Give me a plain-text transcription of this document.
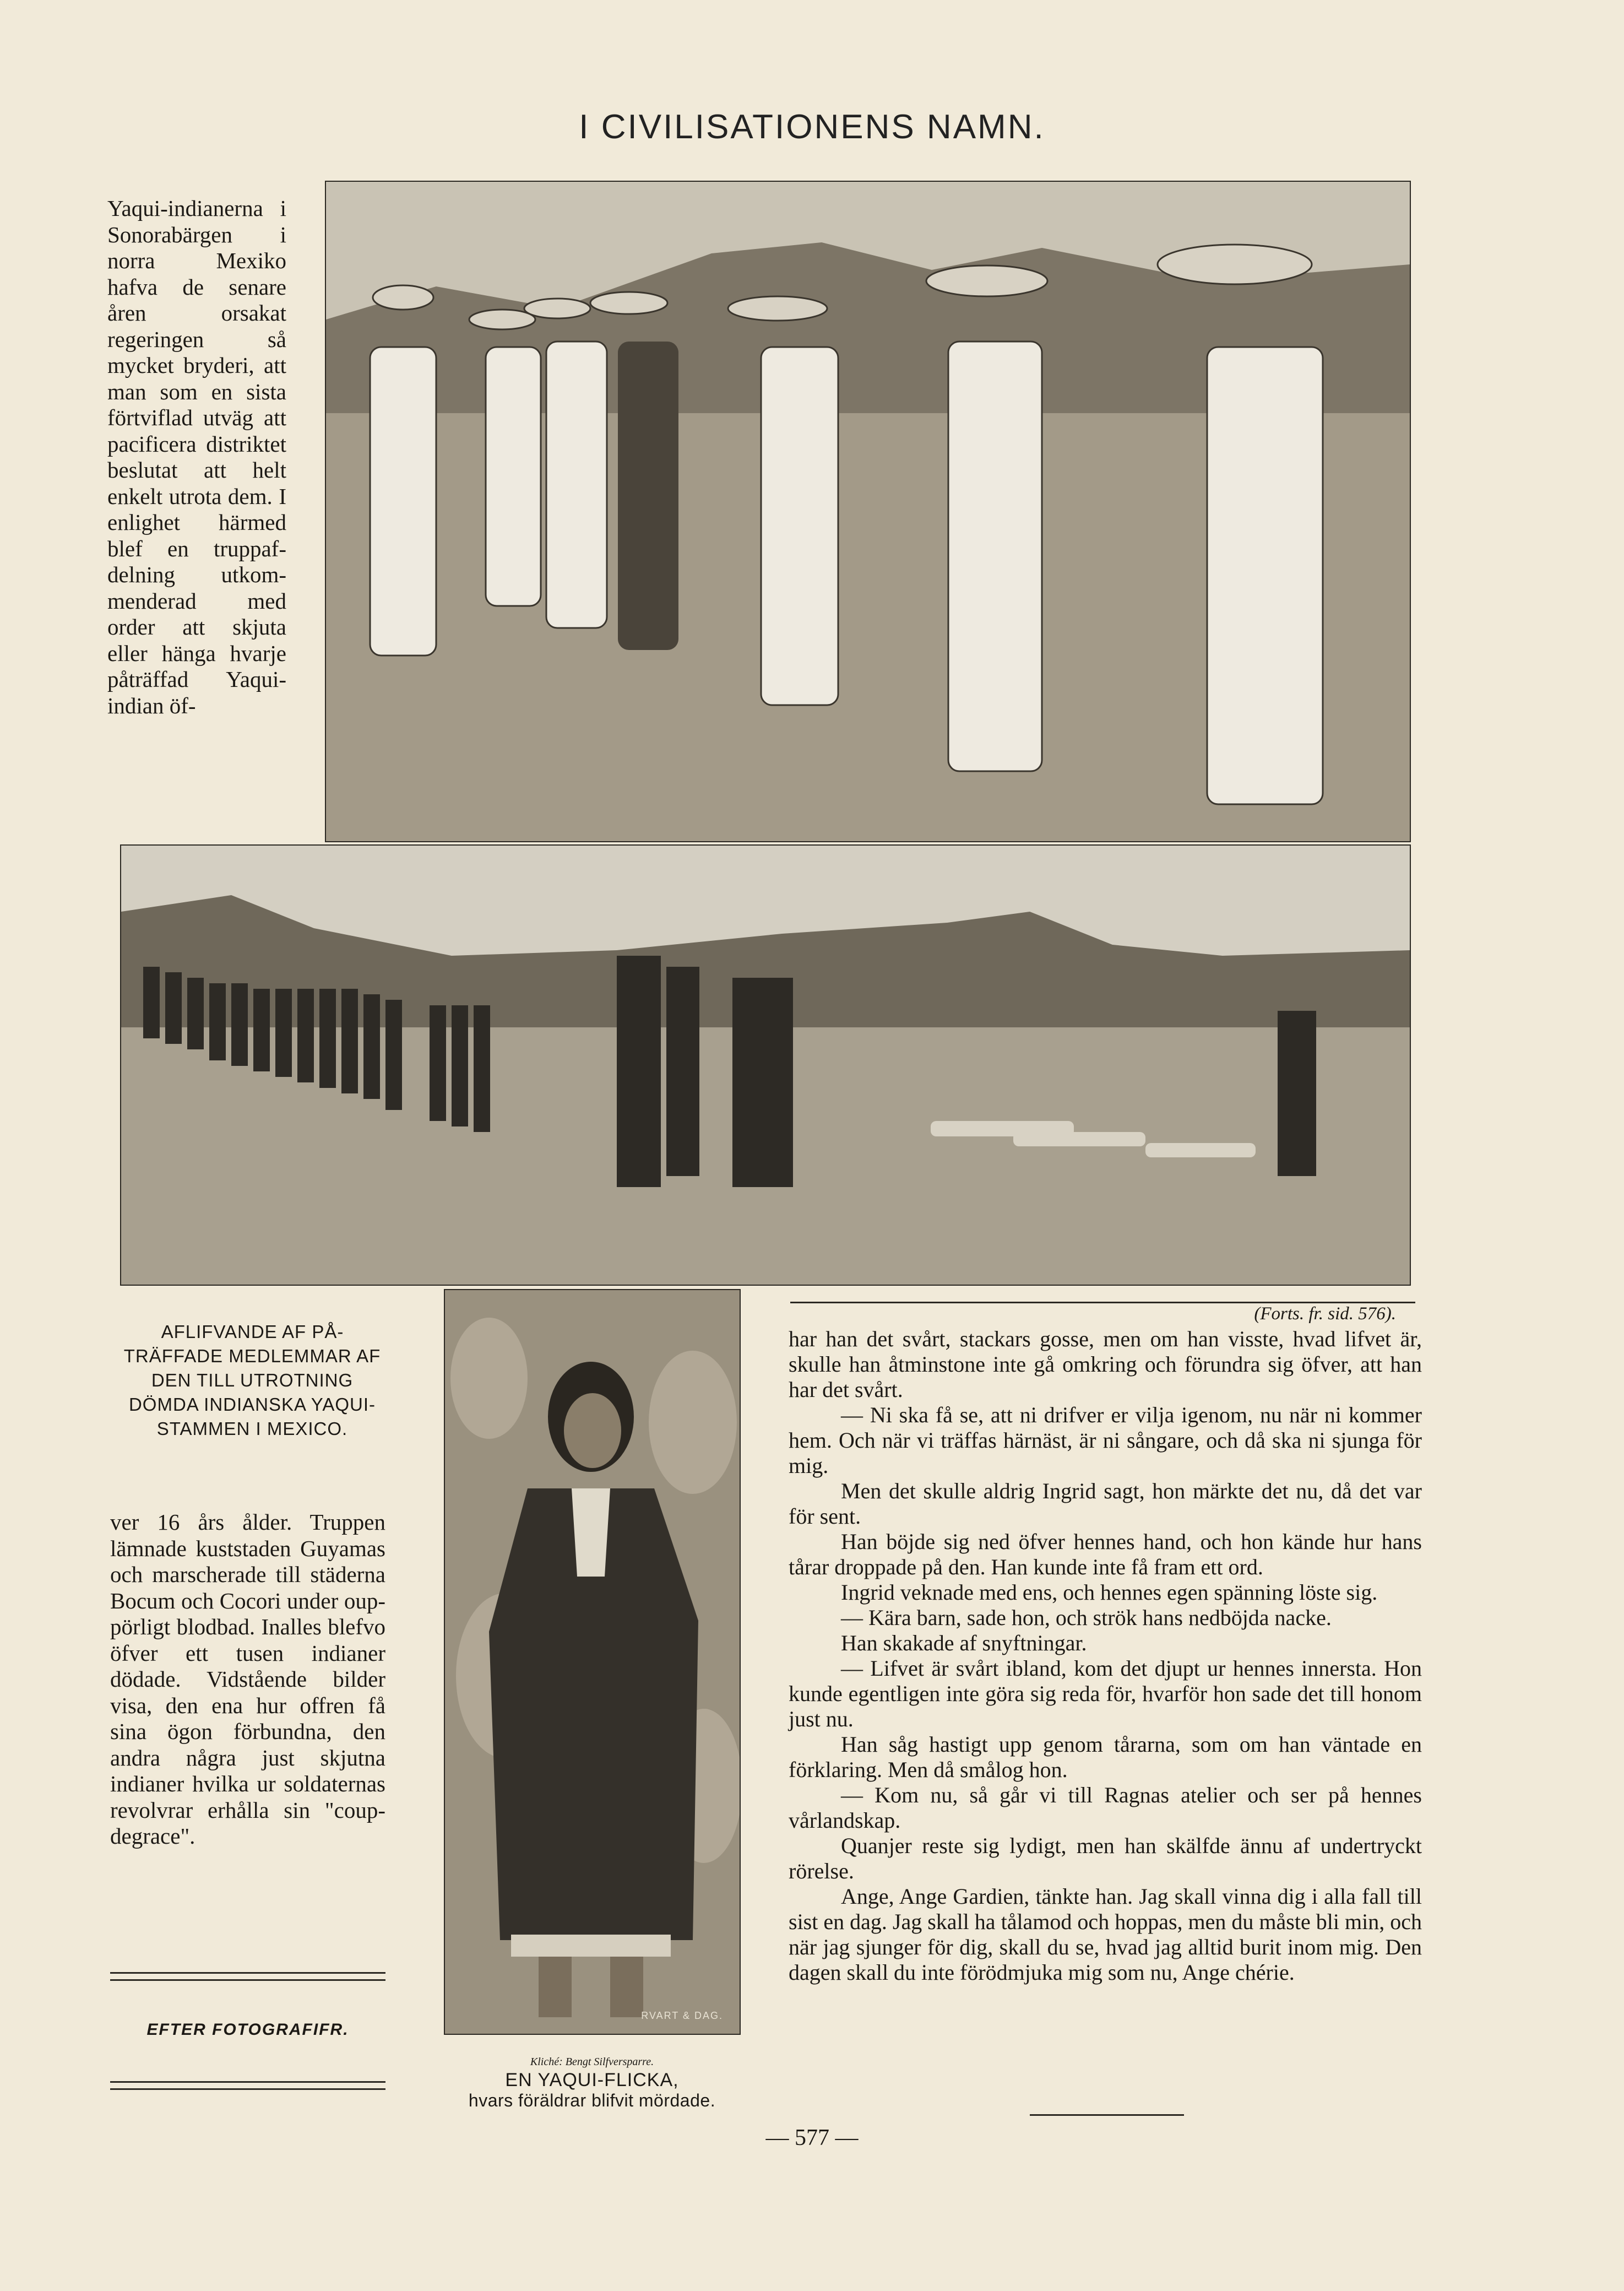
I CIVILISATIONENS NAMN.
Yaqui-indianerna i Sonorabärgen i norra Mexiko hafva de senare åren orsakat regeringen så mycket bryderi, att man som en sista förtviflad utväg att pacificera distriktet beslutat att helt enkelt utrota dem. I enlighet härmed blef en truppafdelning utkommenderad med order att skjuta eller hänga hvarje påträffad Yaqui-indian öf-
AFLIFVANDE AF PÅTRÄFFADE MEDLEMMAR AF DEN TILL UTROTNING DÖMDA INDIANSKA YAQUI-STAMMEN I MEXICO.
ver 16 års ålder. Truppen lämnade kuststaden Guyamas och marscherade till städerna Bocum och Cocori under ouppörligt blodbad. Inalles blefvo öfver ett tusen indianer dödade. Vidstående bilder visa, den ena hur offren få sina ögon förbundna, den andra några just skjutna indianer hvilka ur soldaternas revolvrar erhålla sin "coup-degrace".
EFTER FOTOGRAFIFR.
RVART & DAG.
Kliché: Bengt Silfversparre.
EN YAQUI-FLICKA,
hvars föräldrar blifvit mördade.
(Forts. fr. sid. 576).

har han det svårt, stackars gosse, men om han visste, hvad lifvet är, skulle han åtminstone inte gå omkring och förundra sig öfver, att han har det svårt.

— Ni ska få se, att ni drifver er vilja igenom, nu när ni kommer hem. Och när vi träffas härnäst, är ni sångare, och då ska ni sjunga för mig.

Men det skulle aldrig Ingrid sagt, hon märkte det nu, då det var för sent.

Han böjde sig ned öfver hennes hand, och hon kände hur hans tårar droppade på den. Han kunde inte få fram ett ord.

Ingrid veknade med ens, och hennes egen spänning löste sig.

— Kära barn, sade hon, och strök hans nedböjda nacke.

Han skakade af snyftningar.

— Lifvet är svårt ibland, kom det djupt ur hennes innersta. Hon kunde egentligen inte göra sig reda för, hvarför hon sade det till honom just nu.

Han såg hastigt upp genom tårarna, som om han väntade en förklaring. Men då smålog hon.

— Kom nu, så går vi till Ragnas atelier och ser på hennes vårlandskap.

Quanjer reste sig lydigt, men han skälfde ännu af undertryckt rörelse.

Ange, Ange Gardien, tänkte han. Jag skall vinna dig i alla fall till sist en dag. Jag skall ha tålamod och hoppas, men du måste bli min, och när jag sjunger för dig, skall du se, hvad jag alltid burit inom mig. Den dagen skall du inte förödmjuka mig som nu, Ange chérie.

— 577 —
